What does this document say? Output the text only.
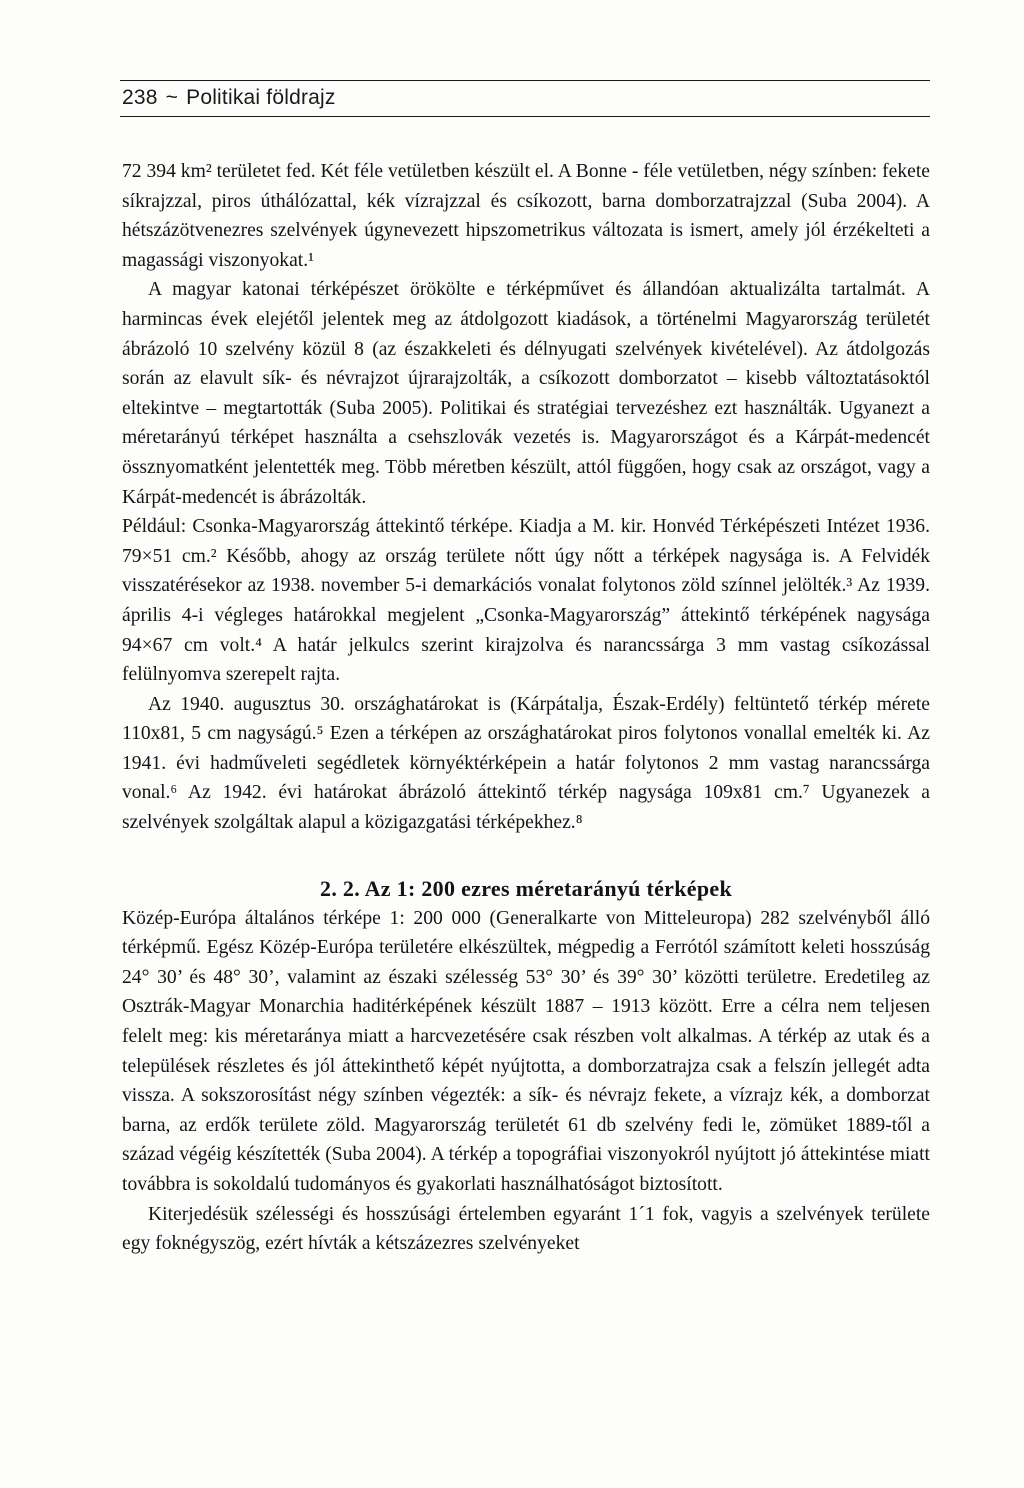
238 ~ Politikai földrajz

72 394 km² területet fed. Két féle vetületben készült el. A Bonne - féle vetületben, négy színben: fekete síkrajzzal, piros úthálózattal, kék vízrajzzal és csíkozott, barna domborzatrajzzal (Suba 2004). A hétszázötvenezres szelvények úgynevezett hipszometrikus változata is ismert, amely jól érzékelteti a magassági viszonyokat.¹

A magyar katonai térképészet örökölte e térképművet és állandóan aktualizálta tartalmát. A harmincas évek elejétől jelentek meg az átdolgozott kiadások, a történelmi Magyarország területét ábrázoló 10 szelvény közül 8 (az északkeleti és délnyugati szelvények kivételével). Az átdolgozás során az elavult sík- és névrajzot újrarajzolták, a csíkozott domborzatot – kisebb változtatásoktól eltekintve – megtartották (Suba 2005). Politikai és stratégiai tervezéshez ezt használták. Ugyanezt a méretarányú térképet használta a csehszlovák vezetés is. Magyarországot és a Kárpát-medencét össznyomatként jelentették meg. Több méretben készült, attól függően, hogy csak az országot, vagy a Kárpát-medencét is ábrázolták.

Például: Csonka-Magyarország áttekintő térképe. Kiadja a M. kir. Honvéd Térképészeti Intézet 1936. 79×51 cm.² Később, ahogy az ország területe nőtt úgy nőtt a térképek nagysága is. A Felvidék visszatérésekor az 1938. november 5-i demarkációs vonalat folytonos zöld színnel jelölték.³ Az 1939. április 4-i végleges határokkal megjelent „Csonka-Magyarország” áttekintő térképének nagysága 94×67 cm volt.⁴ A határ jelkulcs szerint kirajzolva és narancssárga 3 mm vastag csíkozással felülnyomva szerepelt rajta.

Az 1940. augusztus 30. országhatárokat is (Kárpátalja, Észak-Erdély) feltüntető térkép mérete 110x81, 5 cm nagyságú.⁵ Ezen a térképen az országhatárokat piros folytonos vonallal emelték ki. Az 1941. évi hadműveleti segédletek környéktérképein a határ folytonos 2 mm vastag narancssárga vonal.⁶ Az 1942. évi határokat ábrázoló áttekintő térkép nagysága 109x81 cm.⁷ Ugyanezek a szelvények szolgáltak alapul a közigazgatási térképekhez.⁸

2. 2. Az 1: 200 ezres méretarányú térképek

Közép-Európa általános térképe 1: 200 000 (Generalkarte von Mitteleuropa) 282 szelvényből álló térképmű. Egész Közép-Európa területére elkészültek, mégpedig a Ferrótól számított keleti hosszúság 24° 30’ és 48° 30’, valamint az északi szélesség 53° 30’ és 39° 30’ közötti területre. Eredetileg az Osztrák-Magyar Monarchia haditérképének készült 1887 – 1913 között. Erre a célra nem teljesen felelt meg: kis méretaránya miatt a harcvezetésére csak részben volt alkalmas. A térkép az utak és a települések részletes és jól áttekinthető képét nyújtotta, a domborzatrajza csak a felszín jellegét adta vissza. A sokszorosítást négy színben végezték: a sík- és névrajz fekete, a vízrajz kék, a domborzat barna, az erdők területe zöld. Magyarország területét 61 db szelvény fedi le, zömüket 1889-től a század végéig készítették (Suba 2004). A térkép a topográfiai viszonyokról nyújtott jó áttekintése miatt továbbra is sokoldalú tudományos és gyakorlati használhatóságot biztosított.

Kiterjedésük szélességi és hosszúsági értelemben egyaránt 1´1 fok, vagyis a szelvények területe egy foknégyszög, ezért hívták a kétszázezres szelvényeket
